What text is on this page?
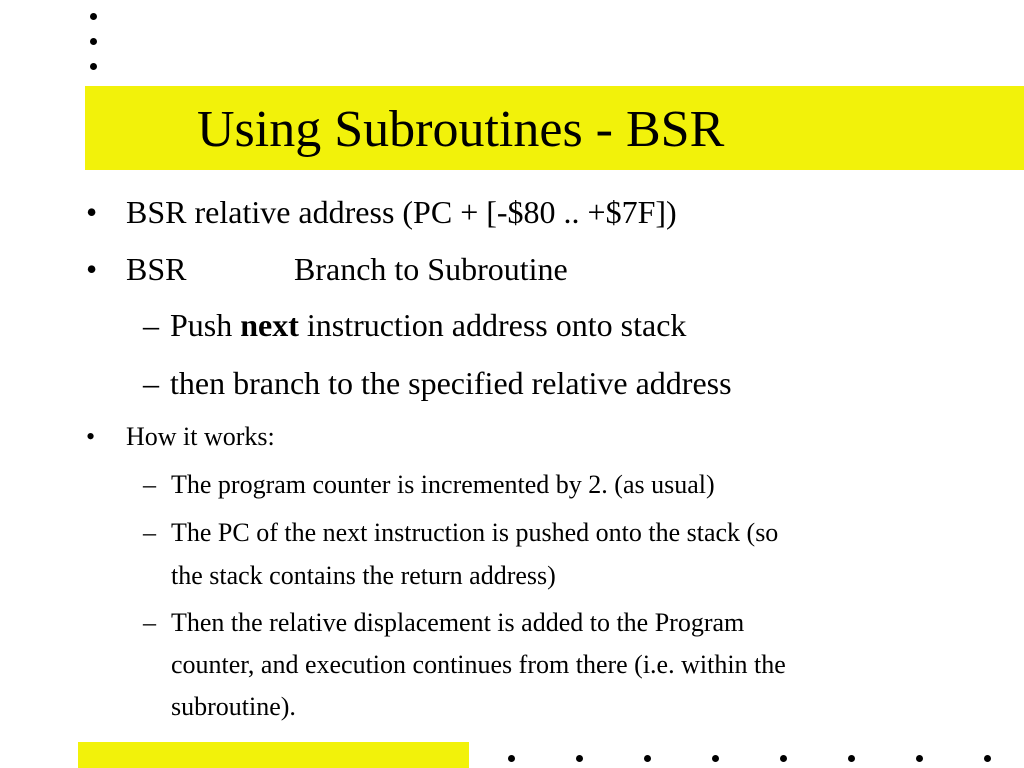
Using Subroutines - BSR
• BSR relative address (PC + [-$80 .. +$7F])
• BSR	Branch to Subroutine
– Push next instruction address onto stack
– then branch to the specified relative address
• How it works:
– The program counter is incremented by 2. (as usual)
– The PC of the next instruction is pushed onto the stack (so
the stack contains the return address)
– Then the relative displacement is added to the Program
counter, and execution continues from there (i.e. within the
subroutine).
